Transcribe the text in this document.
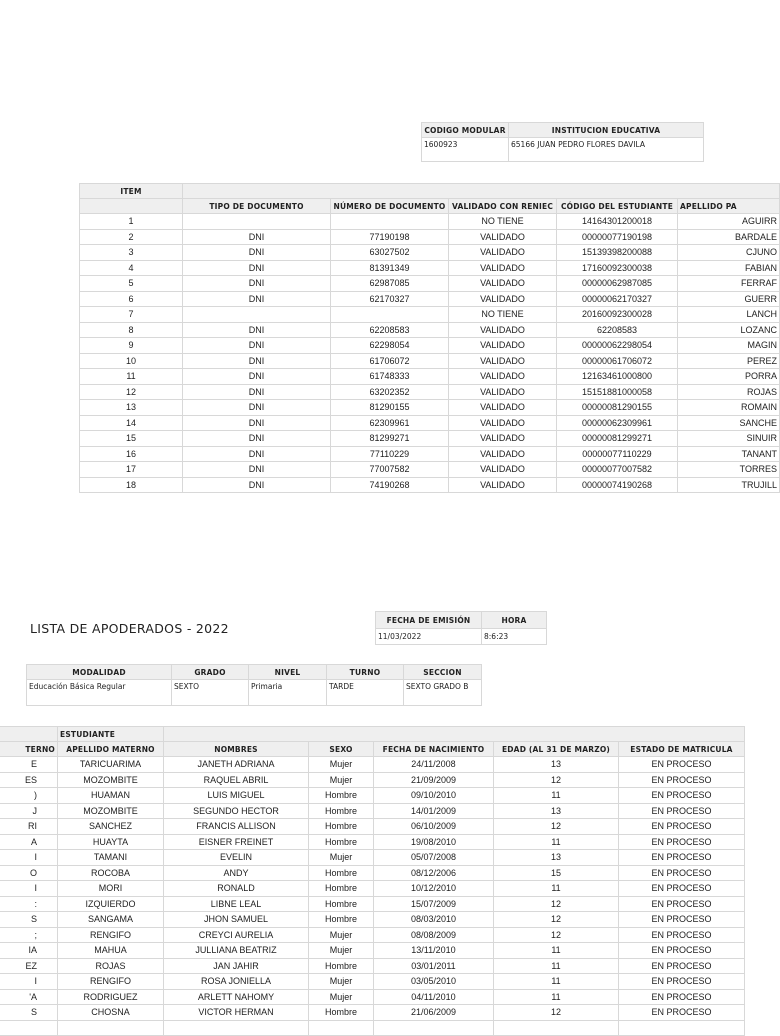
CODIGO MODULAR	INSTITUCION EDUCATIVA
1600923	65166 JUAN PEDRO FLORES DAVILA
ITEM					
	TIPO DE DOCUMENTO	NÚMERO DE DOCUMENTO	VALIDADO CON RENIEC	CÓDIGO DEL ESTUDIANTE	APELLIDO PA
1			NO TIENE	14164301200018	AGUIRR
2	DNI	77190198	VALIDADO	00000077190198	BARDALE
3	DNI	63027502	VALIDADO	15139398200088	CJUNO
4	DNI	81391349	VALIDADO	17160092300038	FABIAN
5	DNI	62987085	VALIDADO	00000062987085	FERRAF
6	DNI	62170327	VALIDADO	00000062170327	GUERR
7			NO TIENE	20160092300028	LANCH
8	DNI	62208583	VALIDADO	62208583	LOZANC
9	DNI	62298054	VALIDADO	00000062298054	MAGIN
10	DNI	61706072	VALIDADO	00000061706072	PEREZ
11	DNI	61748333	VALIDADO	12163461000800	PORRA
12	DNI	63202352	VALIDADO	15151881000058	ROJAS
13	DNI	81290155	VALIDADO	00000081290155	ROMAIN
14	DNI	62309961	VALIDADO	00000062309961	SANCHE
15	DNI	81299271	VALIDADO	00000081299271	SINUIR
16	DNI	77110229	VALIDADO	00000077110229	TANANT
17	DNI	77007582	VALIDADO	00000077007582	TORRES
18	DNI	74190268	VALIDADO	00000074190268	TRUJILL
LISTA DE APODERADOS - 2022
FECHA DE EMISIÓN	HORA
11/03/2022	8:6:23
MODALIDAD	GRADO	NIVEL	TURNO	SECCION
Educación Básica Regular	SEXTO	Primaria	TARDE	SEXTO GRADO B
	ESTUDIANTE					
TERNO	APELLIDO MATERNO	NOMBRES	SEXO	FECHA DE NACIMIENTO	EDAD (AL 31 DE MARZO)	ESTADO DE MATRICULA
E	TARICUARIMA	JANETH ADRIANA	Mujer	24/11/2008	13	EN PROCESO
ES	MOZOMBITE	RAQUEL ABRIL	Mujer	21/09/2009	12	EN PROCESO
)	HUAMAN	LUIS MIGUEL	Hombre	09/10/2010	11	EN PROCESO
J	MOZOMBITE	SEGUNDO HECTOR	Hombre	14/01/2009	13	EN PROCESO
RI	SANCHEZ	FRANCIS ALLISON	Hombre	06/10/2009	12	EN PROCESO
A	HUAYTA	EISNER FREINET	Hombre	19/08/2010	11	EN PROCESO
I	TAMANI	EVELIN	Mujer	05/07/2008	13	EN PROCESO
O	ROCOBA	ANDY	Hombre	08/12/2006	15	EN PROCESO
I	MORI	RONALD	Hombre	10/12/2010	11	EN PROCESO
:	IZQUIERDO	LIBNE LEAL	Hombre	15/07/2009	12	EN PROCESO
S	SANGAMA	JHON SAMUEL	Hombre	08/03/2010	12	EN PROCESO
;	RENGIFO	CREYCI AURELIA	Mujer	08/08/2009	12	EN PROCESO
IA	MAHUA	JULLIANA BEATRIZ	Mujer	13/11/2010	11	EN PROCESO
EZ	ROJAS	JAN JAHIR	Hombre	03/01/2011	11	EN PROCESO
I	RENGIFO	ROSA JONIELLA	Mujer	03/05/2010	11	EN PROCESO
'A	RODRIGUEZ	ARLETT NAHOMY	Mujer	04/11/2010	11	EN PROCESO
S	CHOSNA	VICTOR HERMAN	Hombre	21/06/2009	12	EN PROCESO
